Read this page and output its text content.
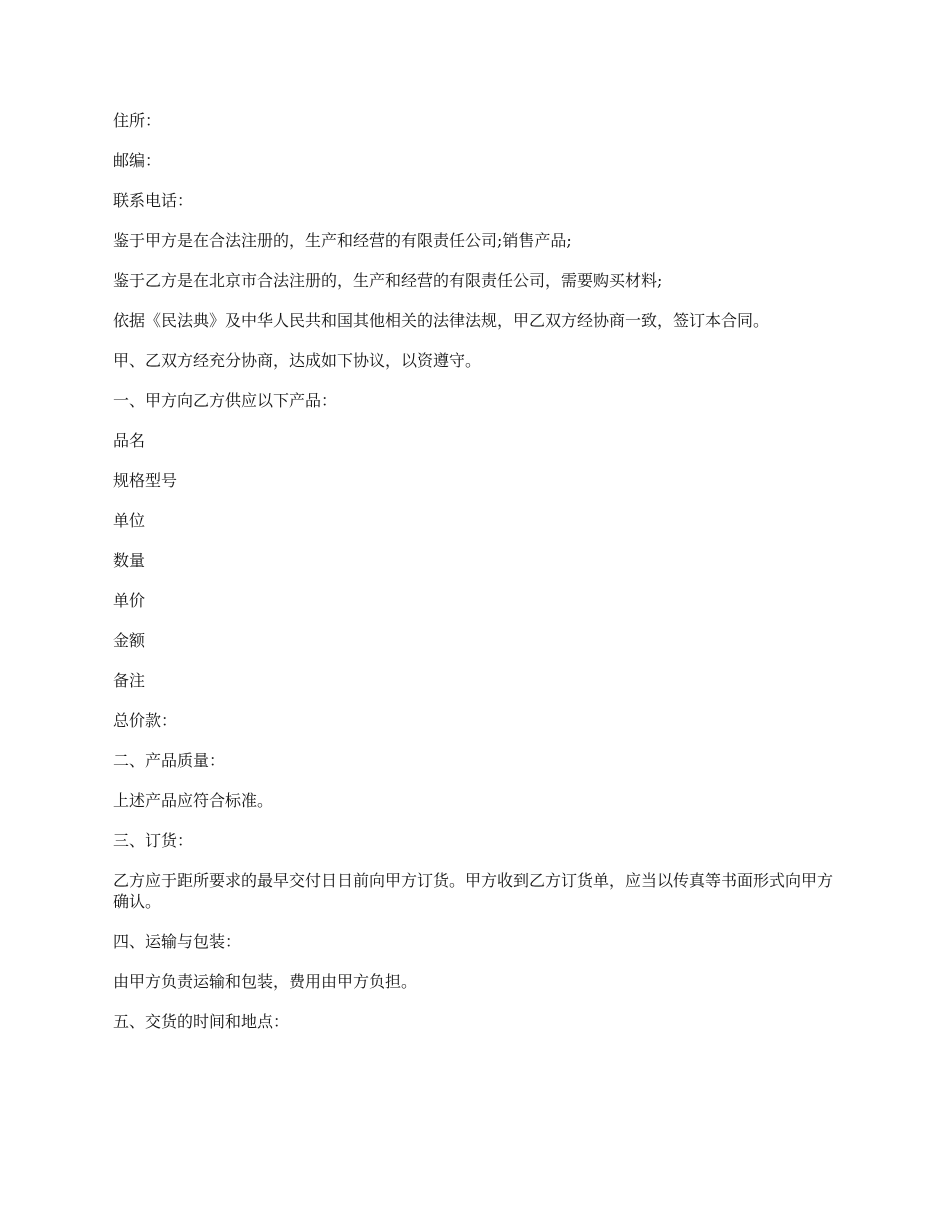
住所：

邮编：

联系电话：

鉴于甲方是在合法注册的，生产和经营的有限责任公司;销售产品;

鉴于乙方是在北京市合法注册的，生产和经营的有限责任公司，需要购买材料;

依据《民法典》及中华人民共和国其他相关的法律法规，甲乙双方经协商一致，签订本合同。

甲、乙双方经充分协商，达成如下协议，以资遵守。

一、甲方向乙方供应以下产品：

品名

规格型号

单位

数量

单价

金额

备注

总价款：

二、产品质量：

上述产品应符合标准。

三、订货：

乙方应于距所要求的最早交付日日前向甲方订货。甲方收到乙方订货单，应当以传真等书面形式向甲方确认。

四、运输与包装：

由甲方负责运输和包装，费用由甲方负担。

五、交货的时间和地点：
